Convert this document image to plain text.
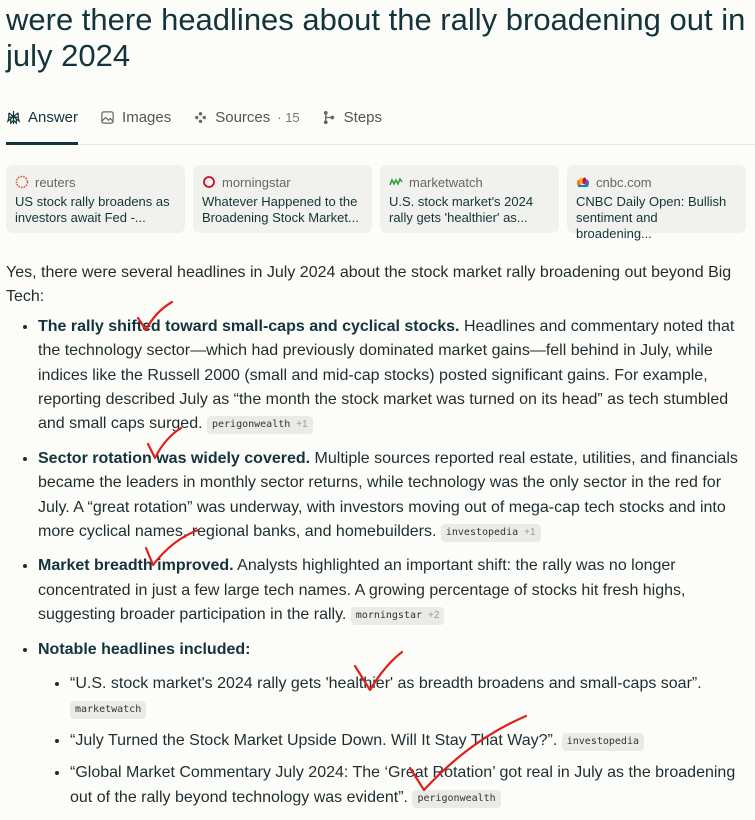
were there headlines about the rally broadening out in july 2024
Answer	Images	Sources · 15	Steps
reuters
US stock rally broadens as investors await Fed -...
morningstar
Whatever Happened to the Broadening Stock Market...
marketwatch
U.S. stock market's 2024 rally gets 'healthier' as...
cnbc.com
CNBC Daily Open: Bullish sentiment and broadening...

Yes, there were several headlines in July 2024 about the stock market rally broadening out beyond Big Tech:

• The rally shifted toward small-caps and cyclical stocks. Headlines and commentary noted that the technology sector—which had previously dominated market gains—fell behind in July, while indices like the Russell 2000 (small and mid-cap stocks) posted significant gains. For example, reporting described July as “the month the stock market was turned on its head” as tech stumbled and small caps surged. perigonwealth +1
• Sector rotation was widely covered. Multiple sources reported real estate, utilities, and financials became the leaders in monthly sector returns, while technology was the only sector in the red for July. A “great rotation” was underway, with investors moving out of mega-cap tech stocks and into more cyclical names, regional banks, and homebuilders. investopedia +1
• Market breadth improved. Analysts highlighted an important shift: the rally was no longer concentrated in just a few large tech names. A growing percentage of stocks hit fresh highs, suggesting broader participation in the rally. morningstar +2
• Notable headlines included:
• “U.S. stock market's 2024 rally gets 'healthier' as breadth broadens and small-caps soar”. marketwatch
• “July Turned the Stock Market Upside Down. Will It Stay That Way?”. investopedia
• “Global Market Commentary July 2024: The ‘Great Rotation’ got real in July as the broadening out of the rally beyond technology was evident”. perigonwealth
